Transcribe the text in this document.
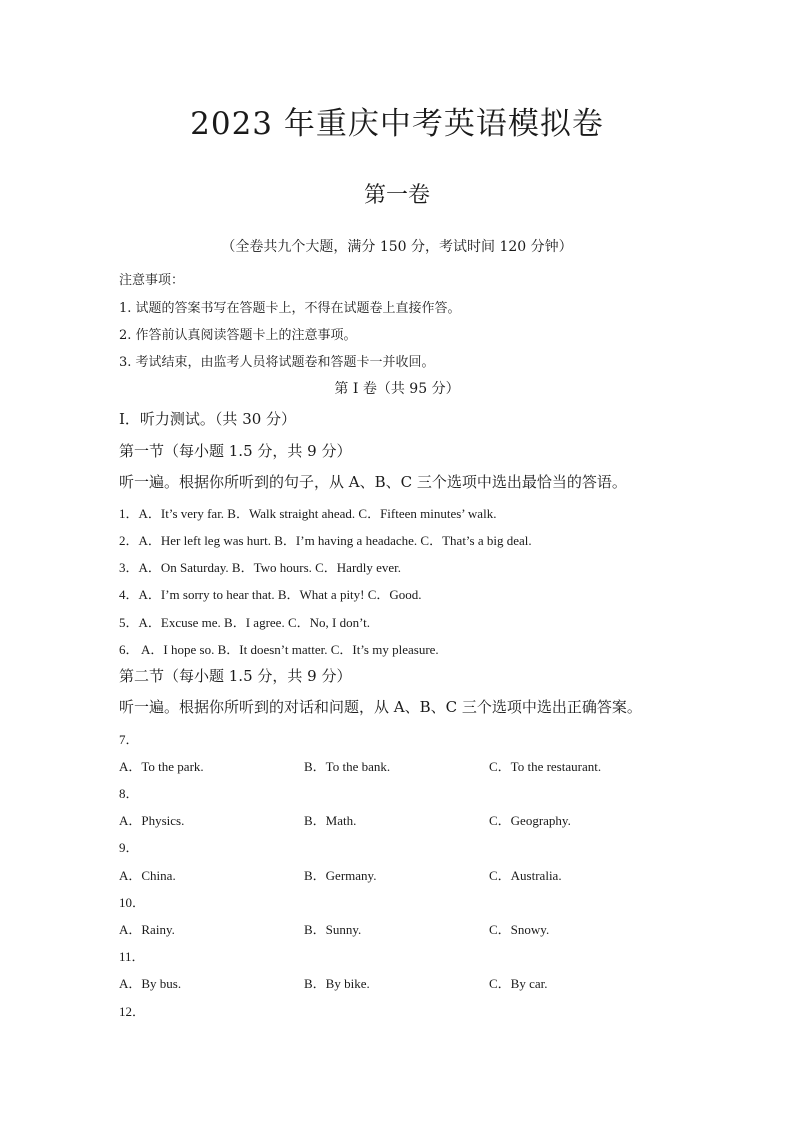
2023 年重庆中考英语模拟卷
第一卷
（全卷共九个大题，满分 150 分，考试时间 120 分钟）
注意事项：
1. 试题的答案书写在答题卡上，不得在试题卷上直接作答。
2. 作答前认真阅读答题卡上的注意事项。
3. 考试结束，由监考人员将试题卷和答题卡一并收回。
第 I 卷（共 95 分）
Ⅰ．听力测试。（共 30 分）
第一节（每小题 1.5 分，共 9 分）
听一遍。根据你所听到的句子，从 A、B、C 三个选项中选出最恰当的答语。
1．A．It’s very far. B．Walk straight ahead. C．Fifteen minutes’ walk.
2．A．Her left leg was hurt. B．I’m having a headache. C．That’s a big deal.
3．A．On Saturday. B．Two hours. C．Hardly ever.
4．A．I’m sorry to hear that. B．What a pity! C．Good.
5．A．Excuse me. B．I agree. C．No, I don’t.
6． A．I hope so. B．It doesn’t matter. C．It’s my pleasure.
第二节（每小题 1.5 分，共 9 分）
听一遍。根据你所听到的对话和问题，从 A、B、C 三个选项中选出正确答案。
7．
A．To the park.	B．To the bank.	C．To the restaurant.
8．
A．Physics.	B．Math.	C．Geography.
9．
A．China.	B．Germany.	C．Australia.
10．
A．Rainy.	B．Sunny.	C．Snowy.
11．
A．By bus.	B．By bike.	C．By car.
12．
